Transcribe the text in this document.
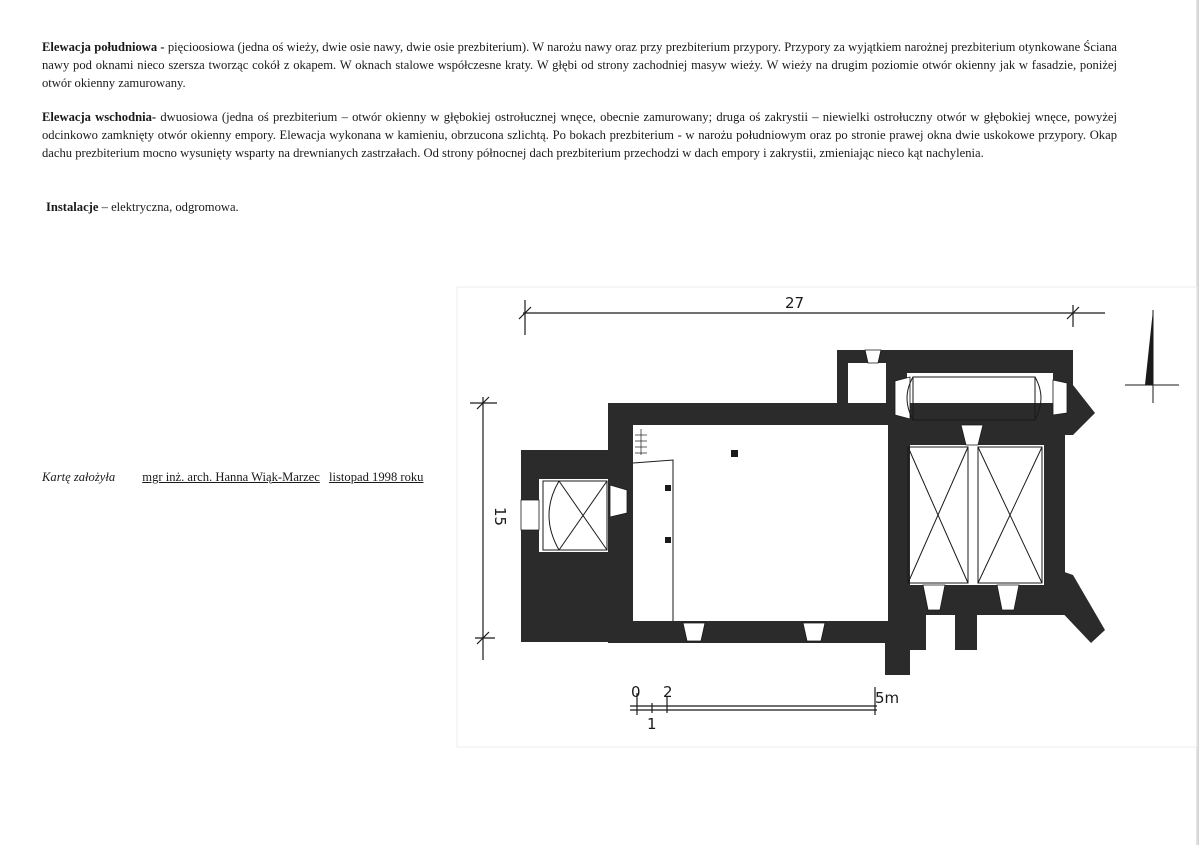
Elewacja południowa - pięcioosiowa (jedna oś wieży, dwie osie nawy, dwie osie prezbiterium). W narożu nawy oraz przy prezbiterium przypory. Przypory za wyjątkiem narożnej prezbiterium otynkowane Ściana nawy pod oknami nieco szersza tworząc cokół z okapem. W oknach stalowe współczesne kraty. W głębi od strony zachodniej masyw wieży. W wieży na drugim poziomie otwór okienny jak w fasadzie, poniżej otwór okienny zamurowany.

Elewacja wschodnia- dwuosiowa (jedna oś prezbiterium – otwór okienny w głębokiej ostrołucznej wnęce, obecnie zamurowany; druga oś zakrystii – niewielki ostrołuczny otwór w głębokiej wnęce, powyżej odcinkowo zamknięty otwór okienny empory. Elewacja wykonana w kamieniu, obrzucona szlichtą. Po bokach prezbiterium - w narożu południowym oraz po stronie prawej okna dwie uskokowe przypory. Okap dachu prezbiterium mocno wysunięty wsparty na drewnianych zastrzałach. Od strony północnej dach prezbiterium przechodzi w dach empory i zakrystii, zmieniając nieco kąt nachylenia.

Instalacje – elektryczna, odgromowa.

Kartę założyła mgr inż. arch. Hanna Wiąk-Marzec listopad 1998 roku
27
15
0 2
1
5m
